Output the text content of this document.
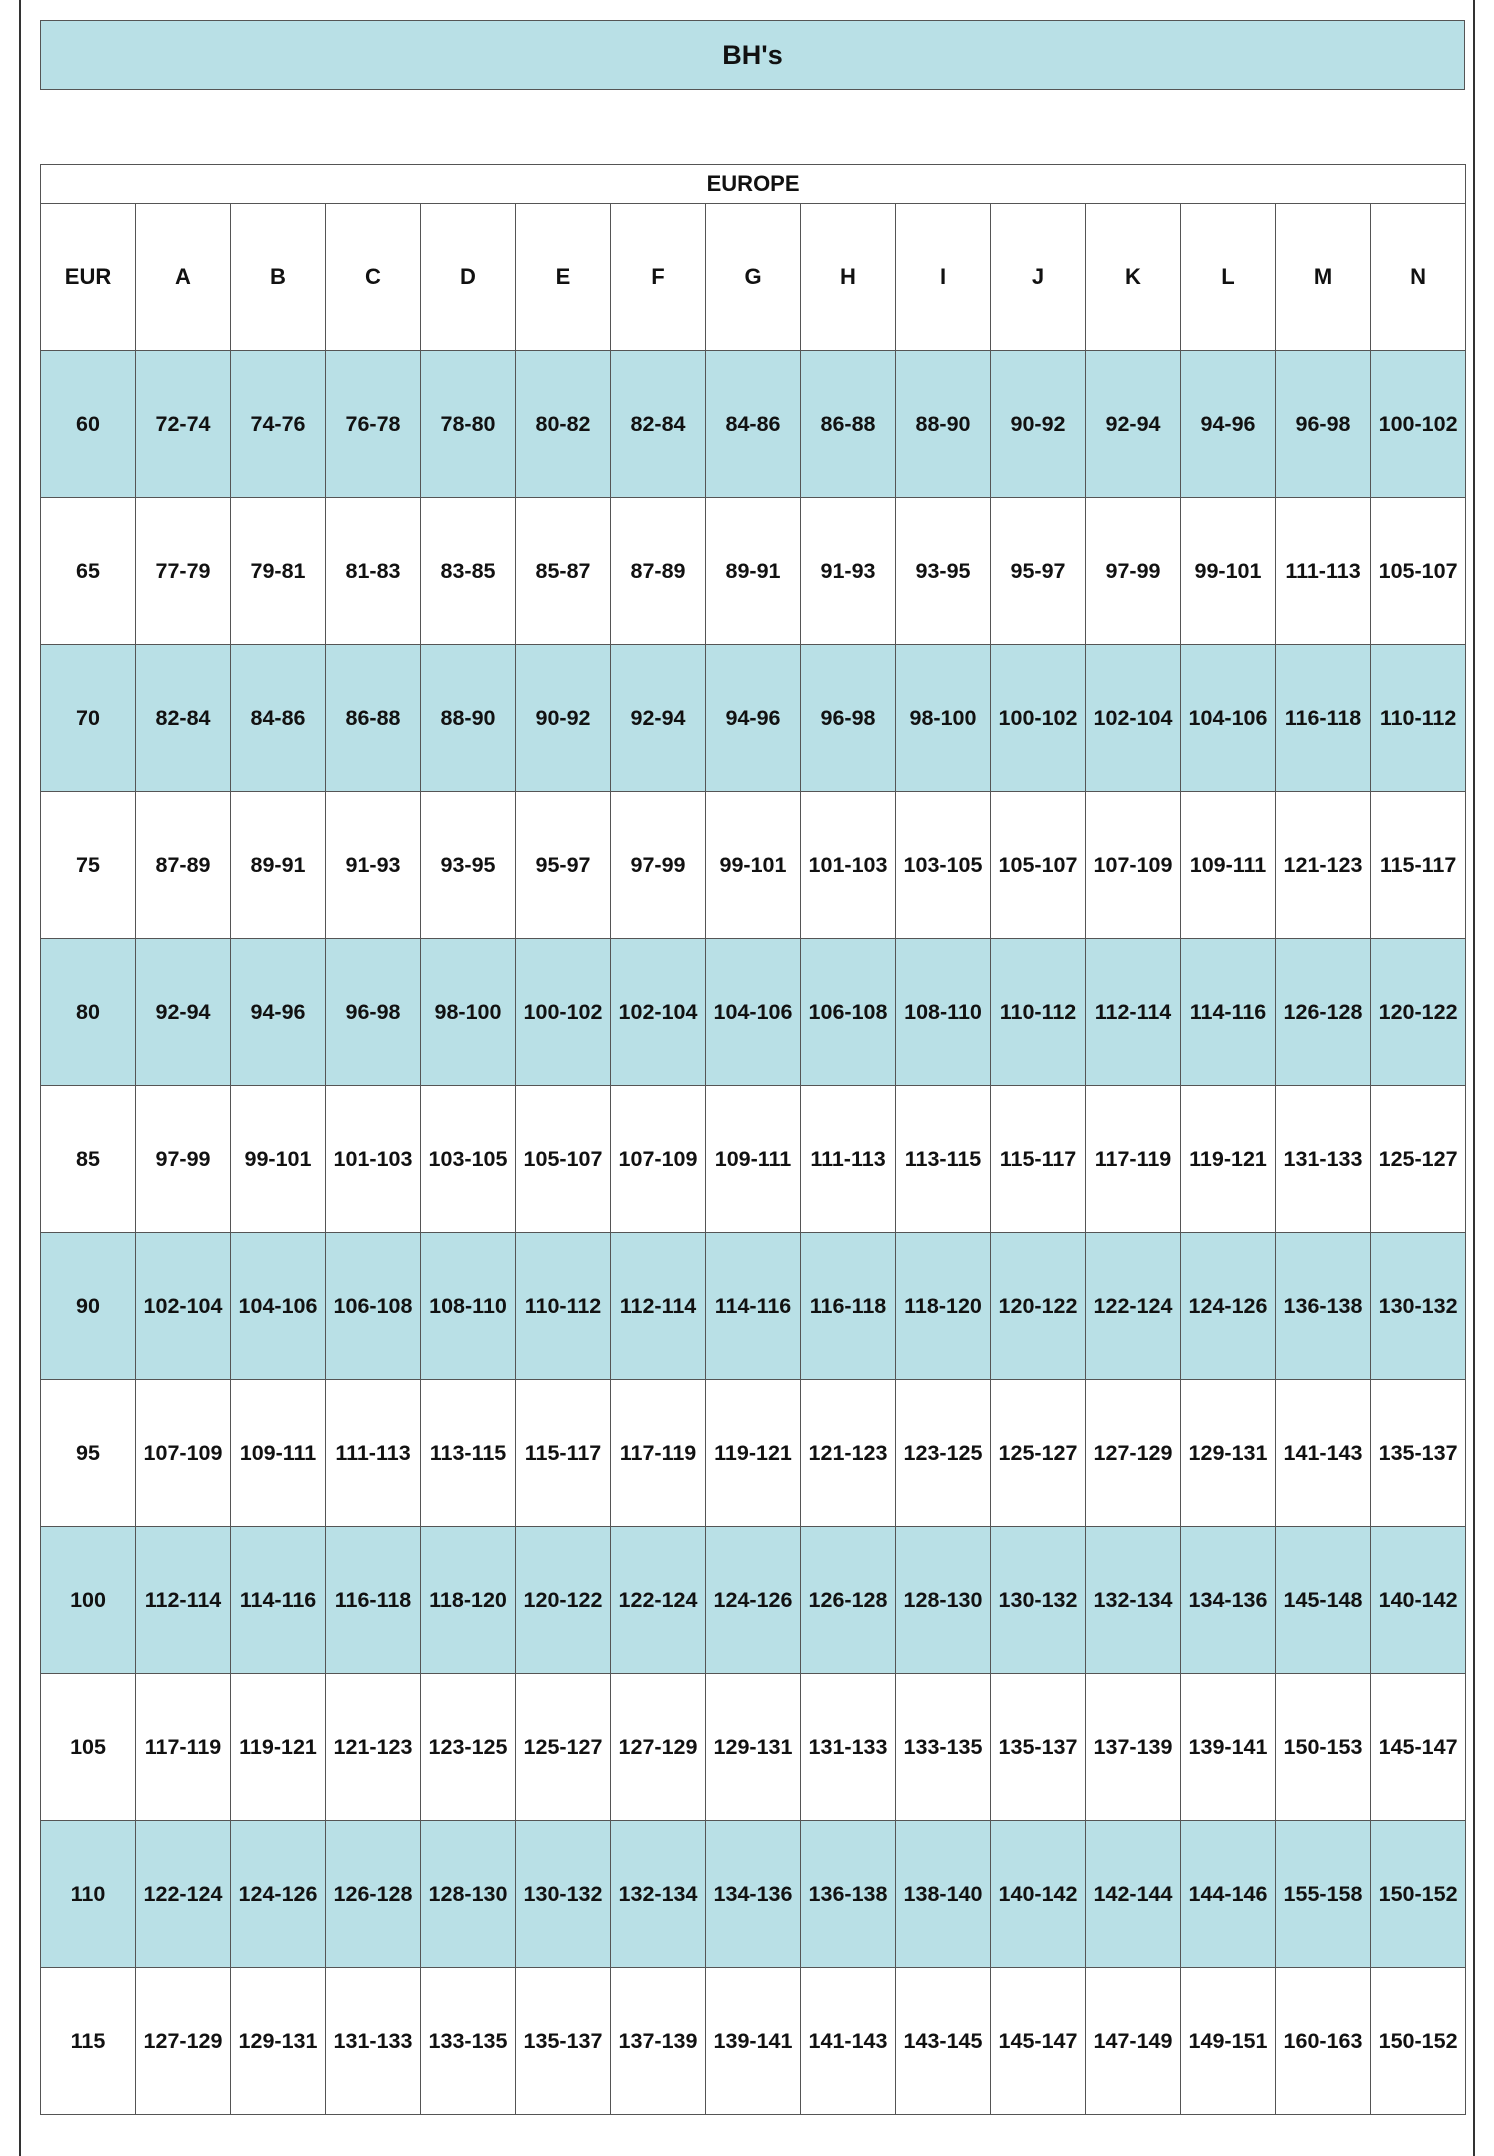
BH's
EUROPE														
EUR	A	B	C	D	E	F	G	H	I	J	K	L	M	N
60	72-74	74-76	76-78	78-80	80-82	82-84	84-86	86-88	88-90	90-92	92-94	94-96	96-98	100-102
65	77-79	79-81	81-83	83-85	85-87	87-89	89-91	91-93	93-95	95-97	97-99	99-101	111-113	105-107
70	82-84	84-86	86-88	88-90	90-92	92-94	94-96	96-98	98-100	100-102	102-104	104-106	116-118	110-112
75	87-89	89-91	91-93	93-95	95-97	97-99	99-101	101-103	103-105	105-107	107-109	109-111	121-123	115-117
80	92-94	94-96	96-98	98-100	100-102	102-104	104-106	106-108	108-110	110-112	112-114	114-116	126-128	120-122
85	97-99	99-101	101-103	103-105	105-107	107-109	109-111	111-113	113-115	115-117	117-119	119-121	131-133	125-127
90	102-104	104-106	106-108	108-110	110-112	112-114	114-116	116-118	118-120	120-122	122-124	124-126	136-138	130-132
95	107-109	109-111	111-113	113-115	115-117	117-119	119-121	121-123	123-125	125-127	127-129	129-131	141-143	135-137
100	112-114	114-116	116-118	118-120	120-122	122-124	124-126	126-128	128-130	130-132	132-134	134-136	145-148	140-142
105	117-119	119-121	121-123	123-125	125-127	127-129	129-131	131-133	133-135	135-137	137-139	139-141	150-153	145-147
110	122-124	124-126	126-128	128-130	130-132	132-134	134-136	136-138	138-140	140-142	142-144	144-146	155-158	150-152
115	127-129	129-131	131-133	133-135	135-137	137-139	139-141	141-143	143-145	145-147	147-149	149-151	160-163	150-152
